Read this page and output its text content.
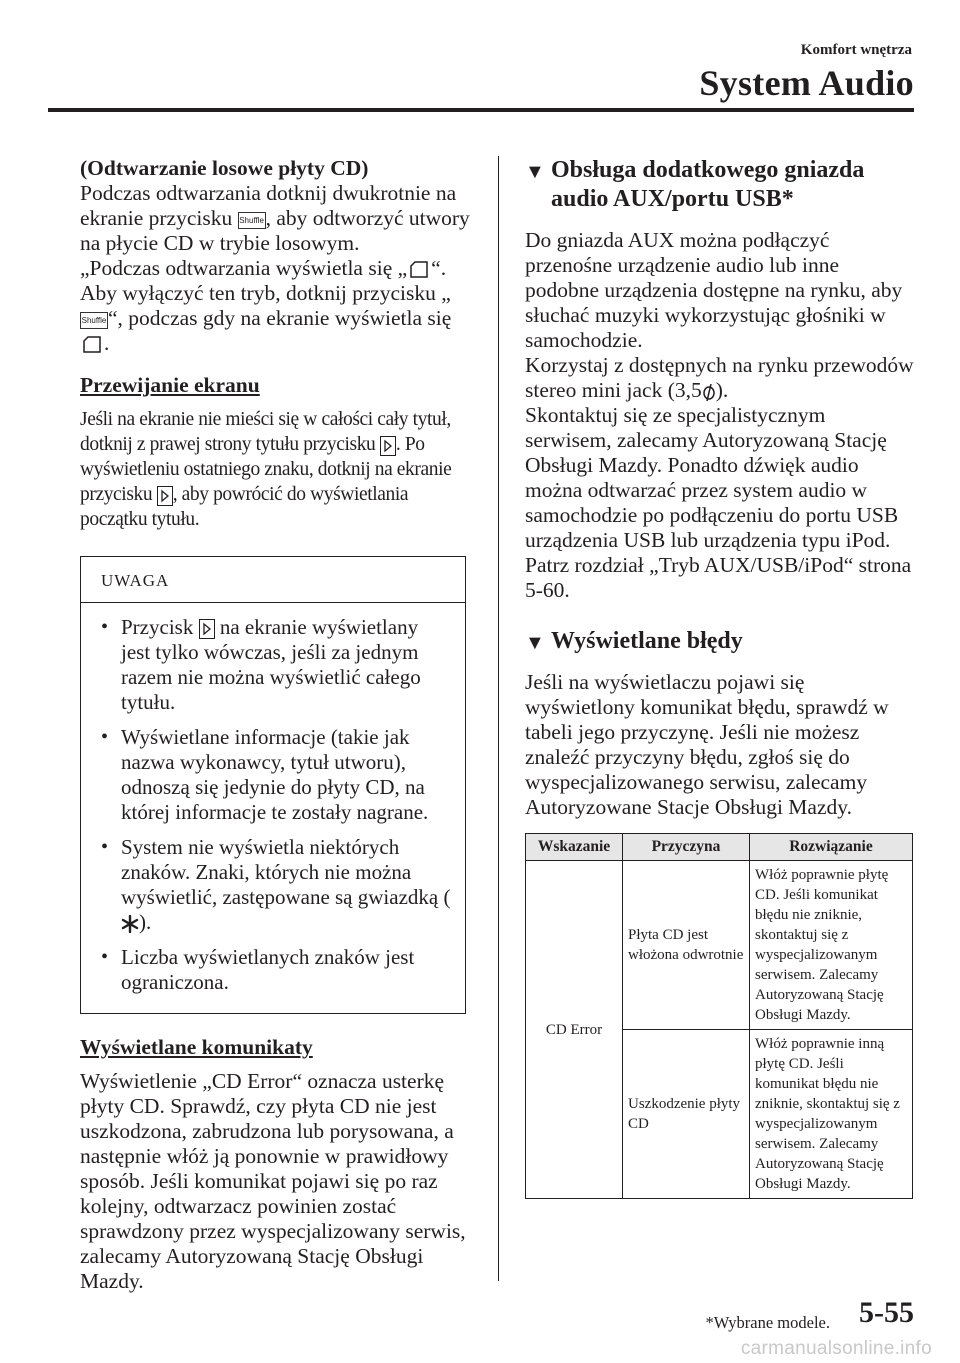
Komfort wnętrza
System Audio

(Odtwarzanie losowe płyty CD)

Podczas odtwarzania dotknij dwukrotnie na ekranie przycisku Shuffle, aby odtworzyć utwory na płycie CD w trybie losowym.

„Podczas odtwarzania wyświetla się „ “.

Aby wyłączyć ten tryb, dotknij przycisku „Shuffle“, podczas gdy na ekranie wyświetla się .

Przewijanie ekranu

Jeśli na ekranie nie mieści się w całości cały tytuł, dotknij z prawej strony tytułu przycisku . Po wyświetleniu ostatniego znaku, dotknij na ekranie przycisku , aby powrócić do wyświetlania początku tytułu.

UWAGA
• Przycisk  na ekranie wyświetlany jest tylko wówczas, jeśli za jednym razem nie można wyświetlić całego tytułu.
• Wyświetlane informacje (takie jak nazwa wykonawcy, tytuł utworu), odnoszą się jedynie do płyty CD, na której informacje te zostały nagrane.
• System nie wyświetla niektórych znaków. Znaki, których nie można wyświetlić, zastępowane są gwiazdką ().
• Liczba wyświetlanych znaków jest ograniczona.
Wyświetlane komunikaty

Wyświetlenie „CD Error“ oznacza usterkę płyty CD. Sprawdź, czy płyta CD nie jest uszkodzona, zabrudzona lub porysowana, a następnie włóż ją ponownie w prawidłowy sposób. Jeśli komunikat pojawi się po raz kolejny, odtwarzacz powinien zostać sprawdzony przez wyspecjalizowany serwis, zalecamy Autoryzowaną Stację Obsługi Mazdy.

▼ Obsługa dodatkowego gniazda audio AUX/portu USB*

Do gniazda AUX można podłączyć przenośne urządzenie audio lub inne podobne urządzenia dostępne na rynku, aby słuchać muzyki wykorzystując głośniki w samochodzie.

Korzystaj z dostępnych na rynku przewodów stereo mini jack (3,5 ).

Skontaktuj się ze specjalistycznym serwisem, zalecamy Autoryzowaną Stację Obsługi Mazdy. Ponadto dźwięk audio można odtwarzać przez system audio w samochodzie po podłączeniu do portu USB urządzenia USB lub urządzenia typu iPod.

Patrz rozdział „Tryb AUX/USB/iPod“ strona 5-60.

▼ Wyświetlane błędy

Jeśli na wyświetlaczu pojawi się wyświetlony komunikat błędu, sprawdź w tabeli jego przyczynę. Jeśli nie możesz znaleźć przyczyny błędu, zgłoś się do wyspecjalizowanego serwisu, zalecamy Autoryzowane Stacje Obsługi Mazdy.

Wskazanie	Przyczyna	Rozwiązanie
CD Error	Płyta CD jest włożona odwrotnie	Włóż poprawnie płytę CD. Jeśli komunikat błędu nie zniknie, skontaktuj się z wyspecjalizowanym serwisem. Zalecamy Autoryzowaną Stację Obsługi Mazdy.
	Uszkodzenie płyty CD	Włóż poprawnie inną płytę CD. Jeśli komunikat błędu nie zniknie, skontaktuj się z wyspecjalizowanym serwisem. Zalecamy Autoryzowaną Stację Obsługi Mazdy.
*Wybrane modele. 5-55
carmanualsonline.info
